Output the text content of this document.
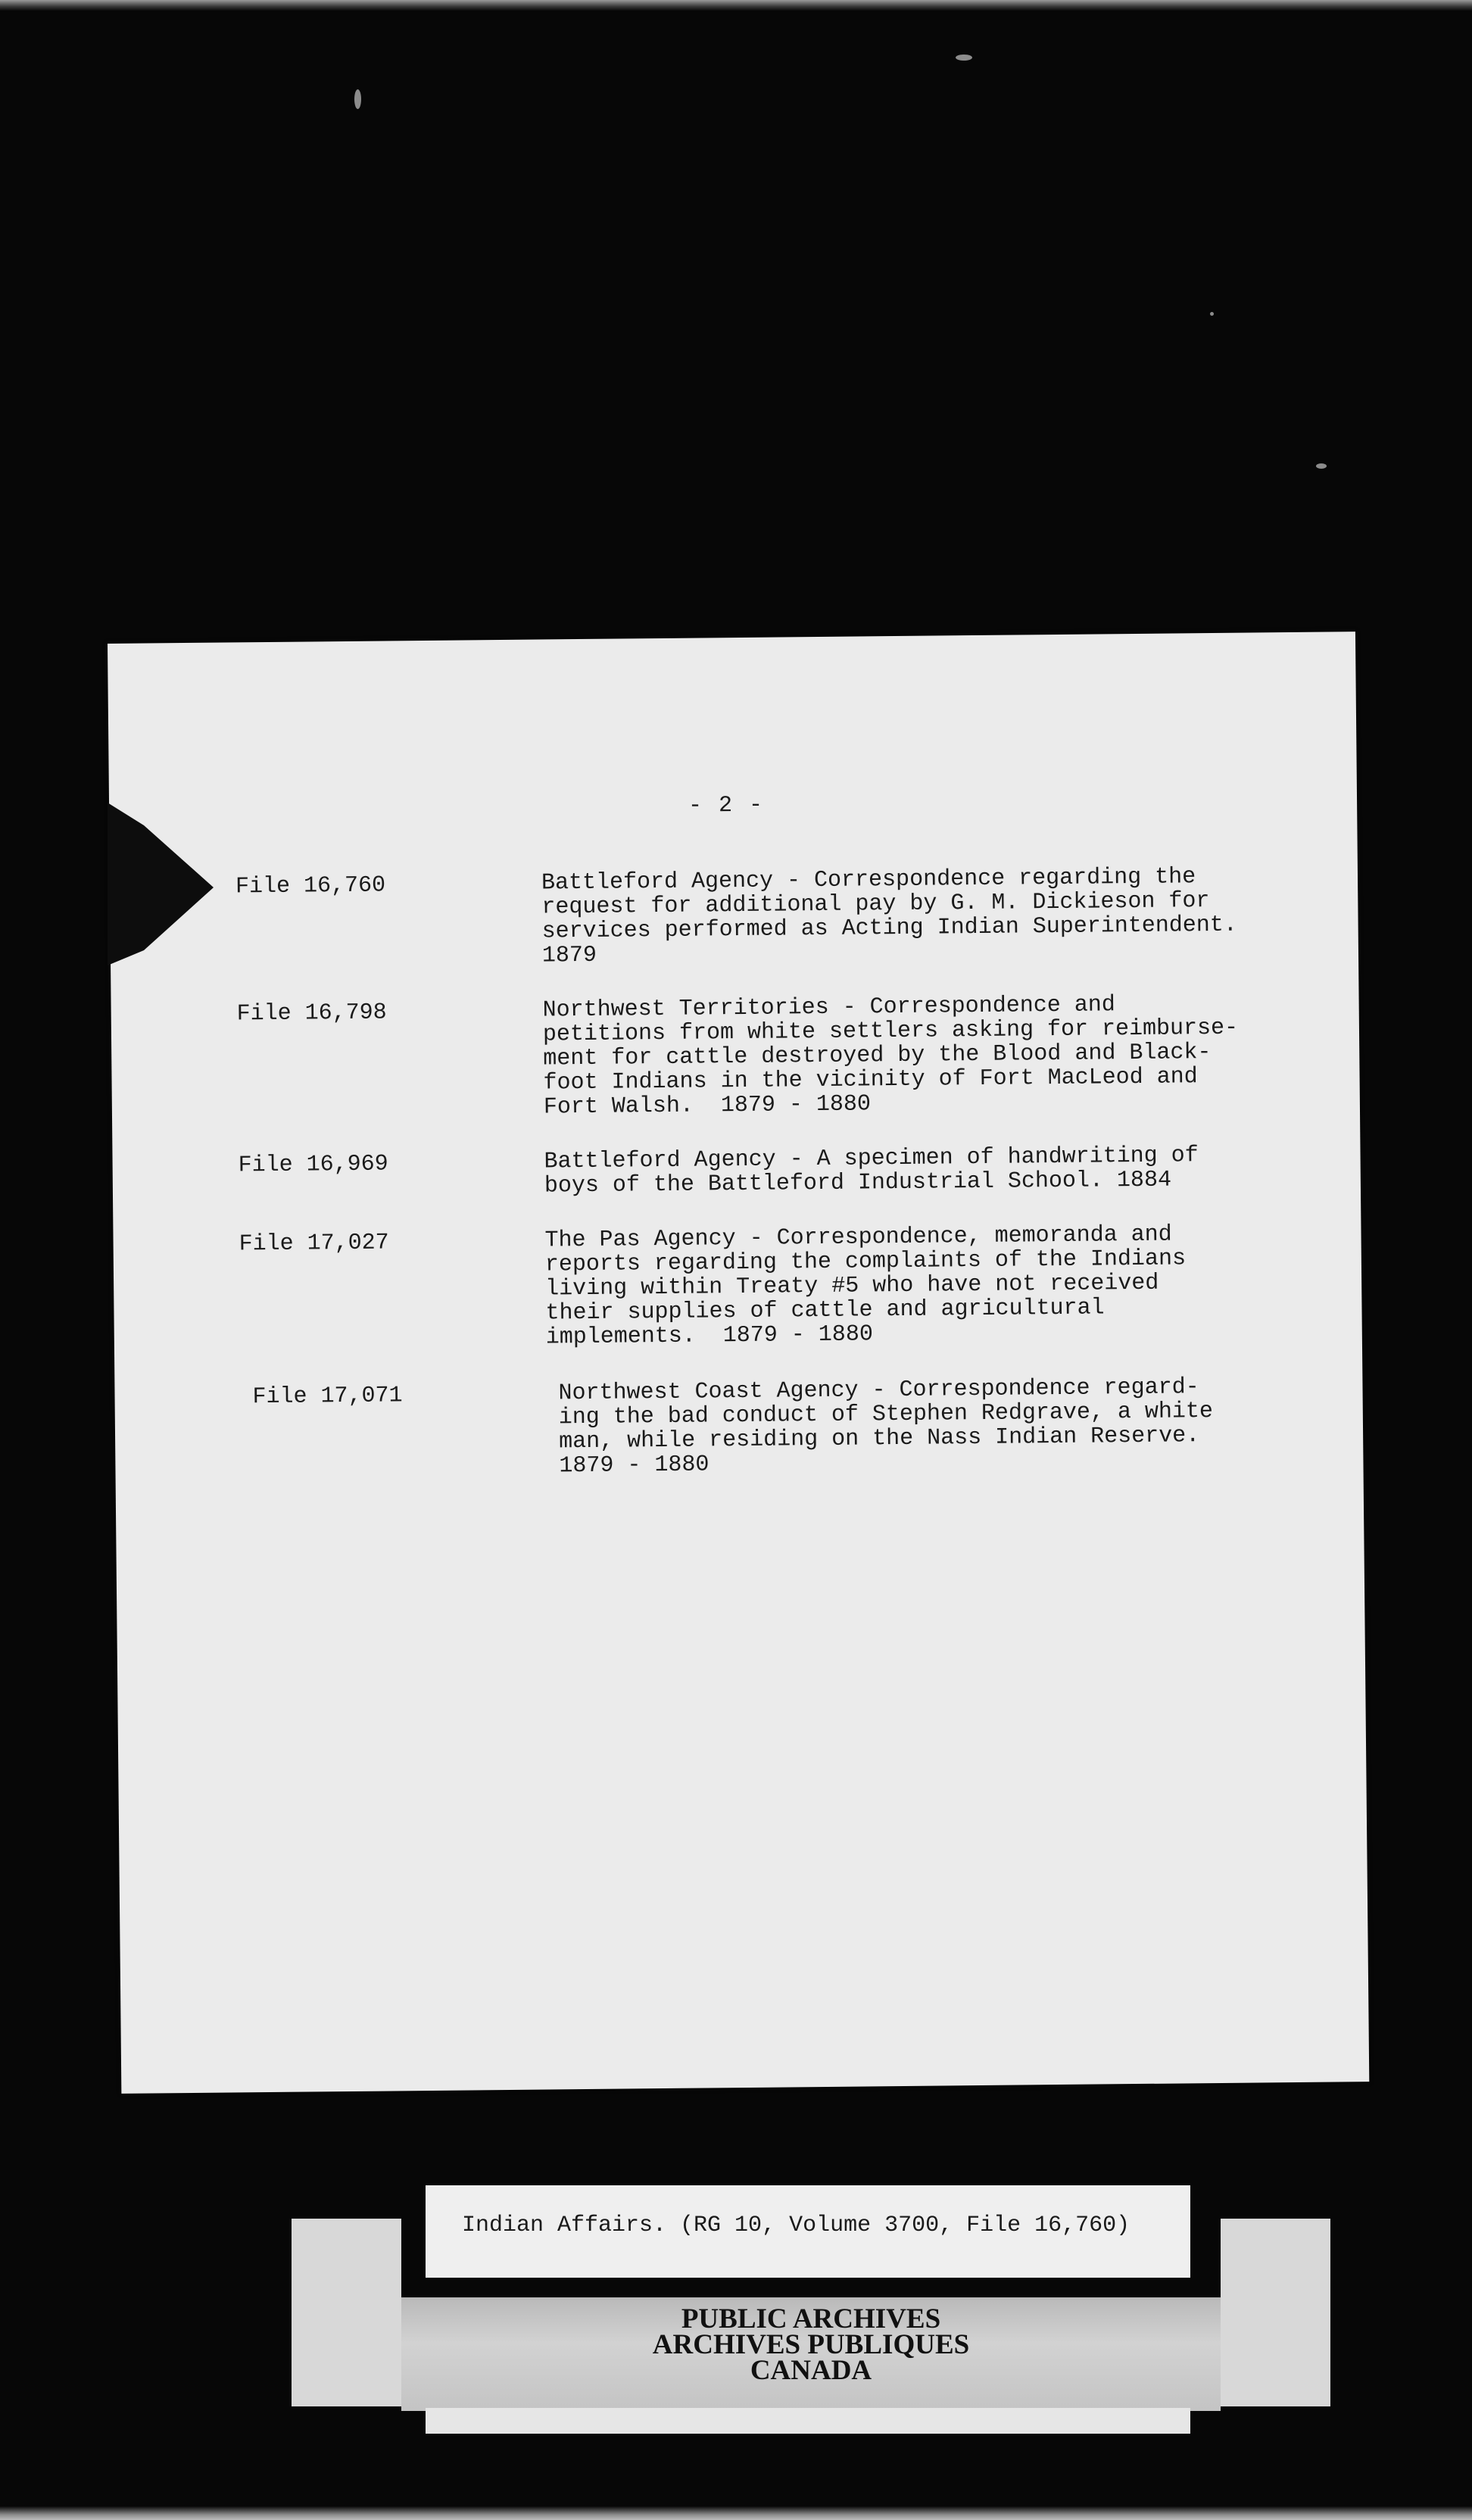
- 2 -
File 16,760	Battleford Agency - Correspondence regarding the
request for additional pay by G. M. Dickieson for
services performed as Acting Indian Superintendent.
1879
File 16,798	Northwest Territories - Correspondence and
petitions from white settlers asking for reimburse-
ment for cattle destroyed by the Blood and Black-
foot Indians in the vicinity of Fort MacLeod and
Fort Walsh.  1879 - 1880
File 16,969	Battleford Agency - A specimen of handwriting of
boys of the Battleford Industrial School. 1884
File 17,027	The Pas Agency - Correspondence, memoranda and
reports regarding the complaints of the Indians
living within Treaty #5 who have not received
their supplies of cattle and agricultural
implements.  1879 - 1880
File 17,071	Northwest Coast Agency - Correspondence regard-
ing the bad conduct of Stephen Redgrave, a white
man, while residing on the Nass Indian Reserve.
1879 - 1880
Indian Affairs. (RG 10, Volume 3700, File 16,760)
PUBLIC ARCHIVES
ARCHIVES PUBLIQUES
CANADA
